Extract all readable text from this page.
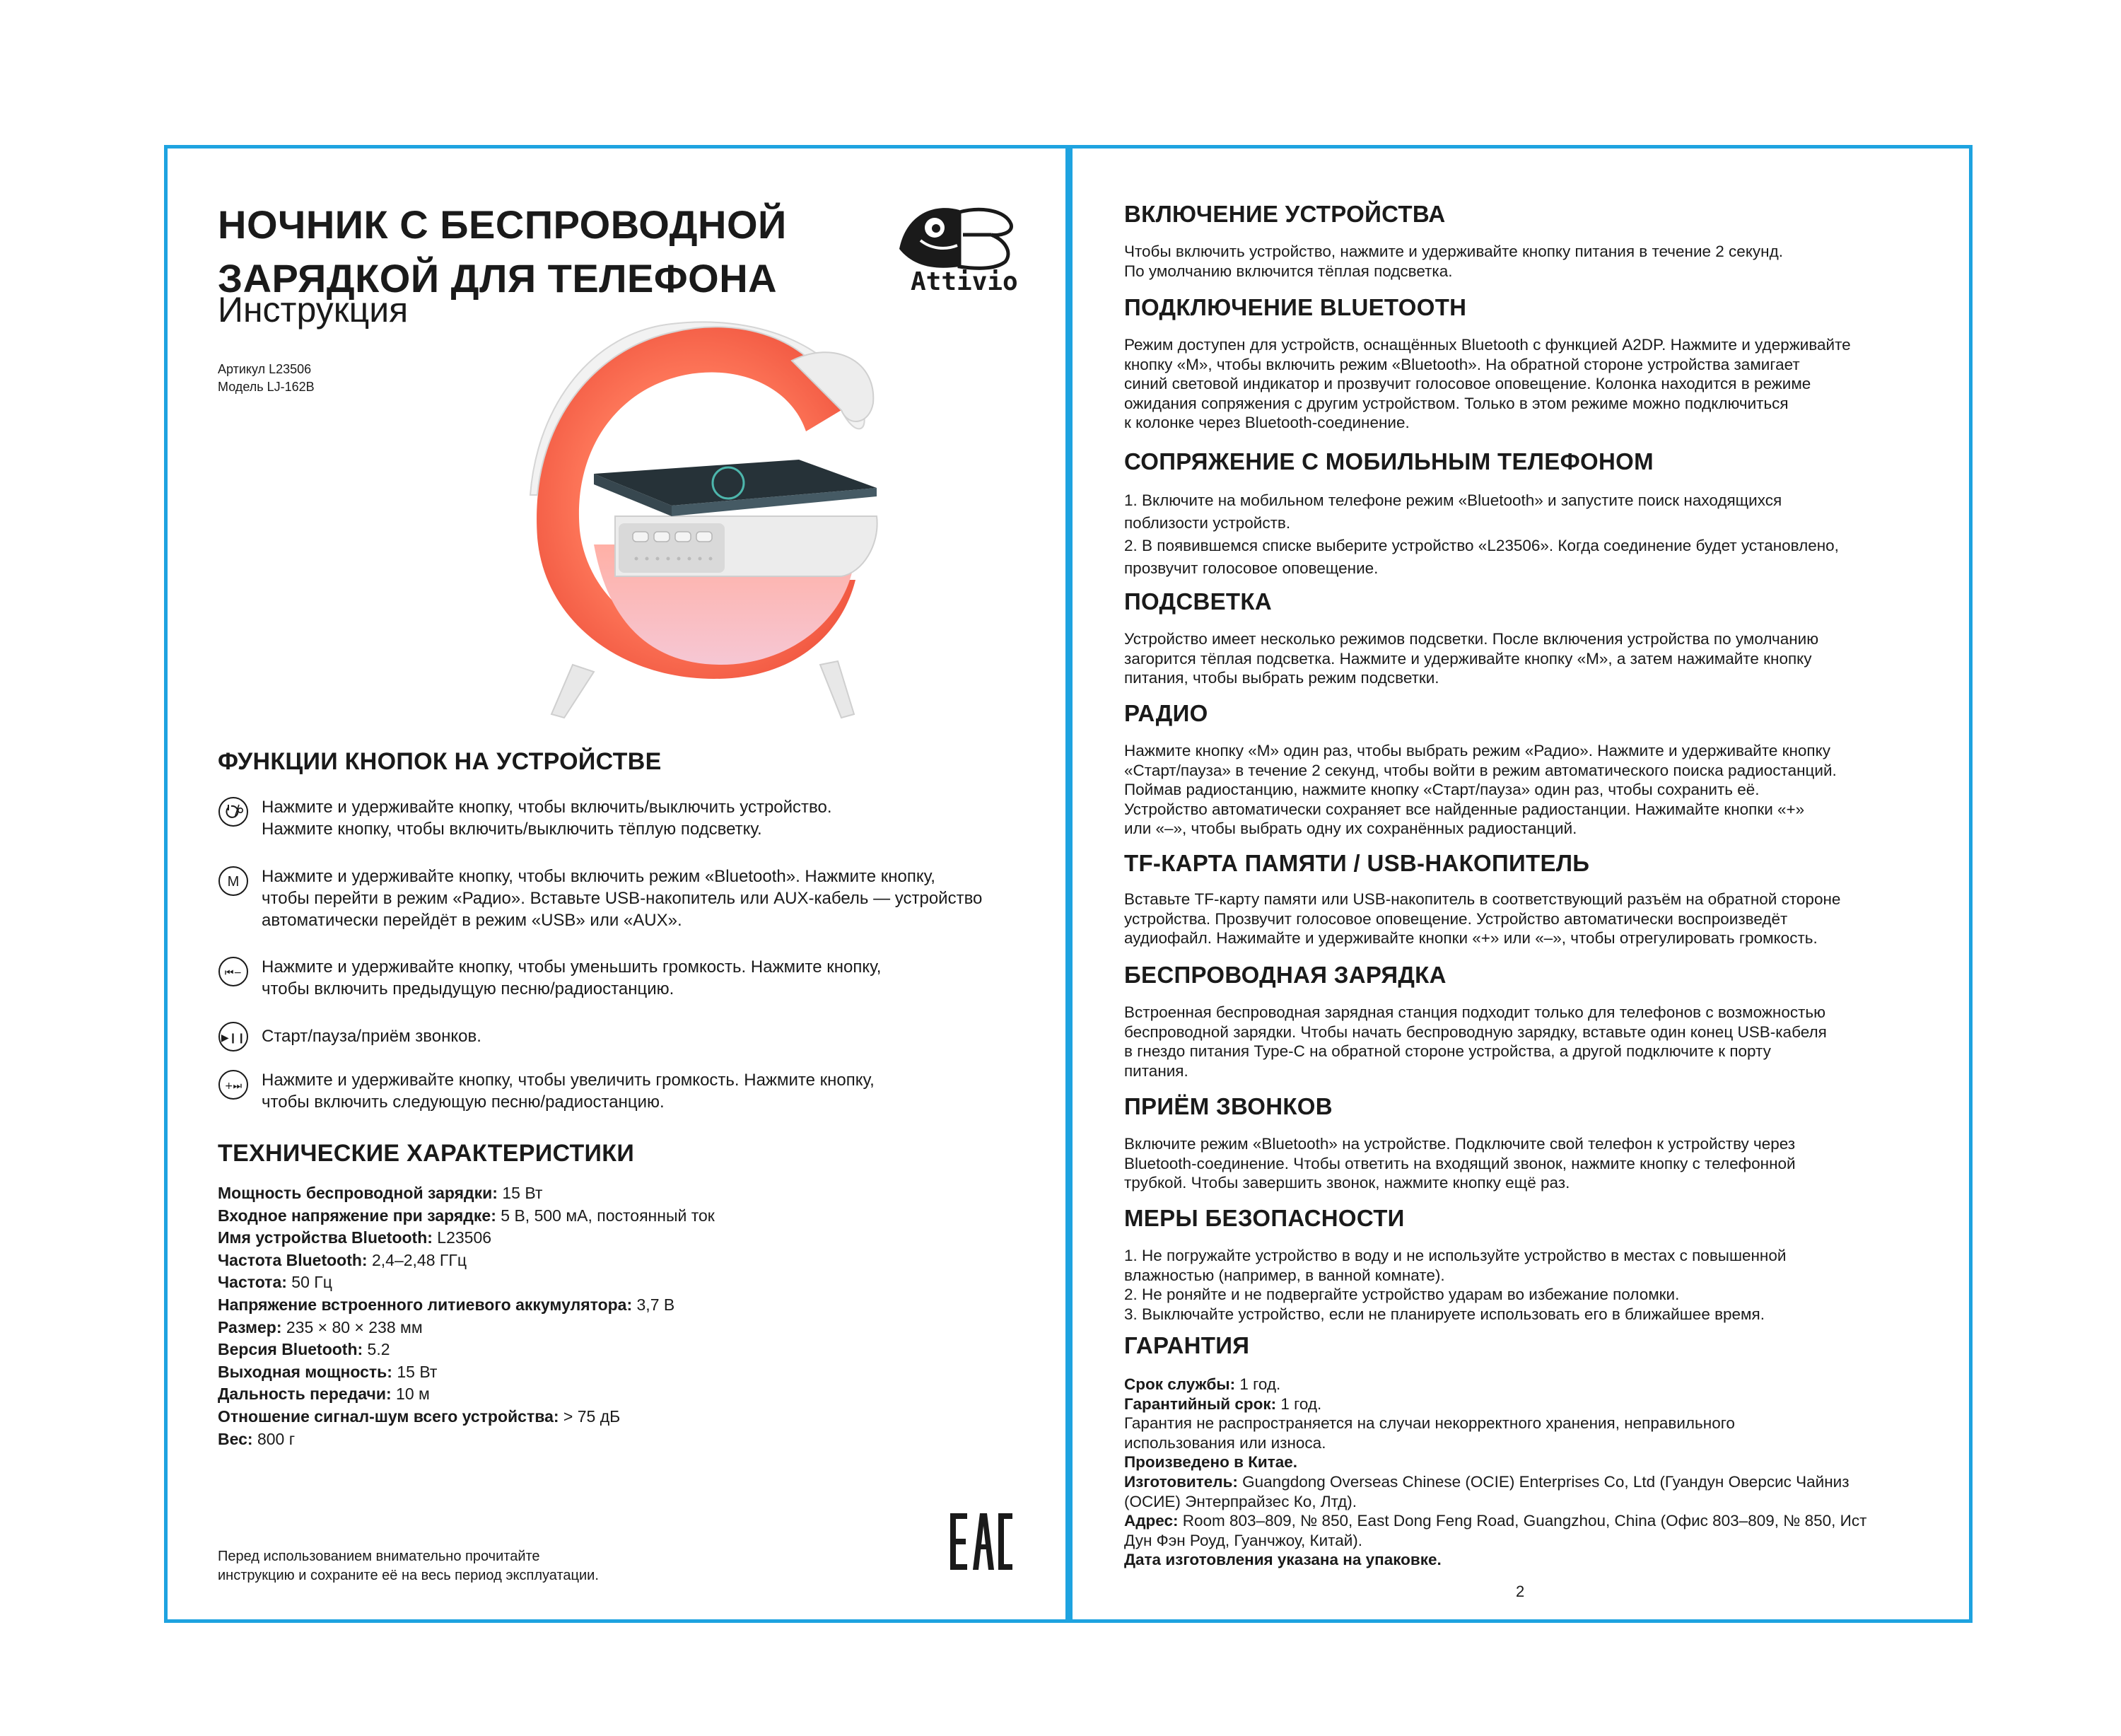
НОЧНИК С БЕСПРОВОДНОЙ
ЗАРЯДКОЙ ДЛЯ ТЕЛЕФОНА
Инструкция
Артикул L23506
Модель LJ-162B
Attivio
ФУНКЦИИ КНОПОК НА УСТРОЙСТВЕ
Нажмите и удерживайте кнопку, чтобы включить/выключить устройство.
Нажмите кнопку, чтобы включить/выключить тёплую подсветку.
M Нажмите и удерживайте кнопку, чтобы включить режим «Bluetooth». Нажмите кнопку,
чтобы перейти в режим «Радио». Вставьте USB-накопитель или AUX-кабель — устройство
автоматически перейдёт в режим «USB» или «AUX».
⏮− Нажмите и удерживайте кнопку, чтобы уменьшить громкость. Нажмите кнопку,
чтобы включить предыдущую песню/радиостанцию.
▶❙❙ Старт/пауза/приём звонков.
+⏭ Нажмите и удерживайте кнопку, чтобы увеличить громкость. Нажмите кнопку,
чтобы включить следующую песню/радиостанцию.
ТЕХНИЧЕСКИЕ ХАРАКТЕРИСТИКИ
Мощность беспроводной зарядки: 15 Вт
Входное напряжение при зарядке: 5 В, 500 мА, постоянный ток
Имя устройства Bluetooth: L23506
Частота Bluetooth: 2,4–2,48 ГГц
Частота: 50 Гц
Напряжение встроенного литиевого аккумулятора: 3,7 В
Размер: 235 × 80 × 238 мм
Версия Bluetooth: 5.2
Выходная мощность: 15 Вт
Дальность передачи: 10 м
Отношение сигнал-шум всего устройства: > 75 дБ
Вес: 800 г
Перед использованием внимательно прочитайте
инструкцию и сохраните её на весь период эксплуатации.
ВКЛЮЧЕНИЕ УСТРОЙСТВА
Чтобы включить устройство, нажмите и удерживайте кнопку питания в течение 2 секунд.
По умолчанию включится тёплая подсветка.
ПОДКЛЮЧЕНИЕ BLUETOOTH
Режим доступен для устройств, оснащённых Bluetooth с функцией A2DP. Нажмите и удерживайте
кнопку «М», чтобы включить режим «Bluetooth». На обратной стороне устройства замигает
синий световой индикатор и прозвучит голосовое оповещение. Колонка находится в режиме
ожидания сопряжения с другим устройством. Только в этом режиме можно подключиться
к колонке через Bluetooth-соединение.
СОПРЯЖЕНИЕ С МОБИЛЬНЫМ ТЕЛЕФОНОМ
1. Включите на мобильном телефоне режим «Bluetooth» и запустите поиск находящихся
поблизости устройств.
2. В появившемся списке выберите устройство «L23506». Когда соединение будет установлено,
прозвучит голосовое оповещение.
ПОДСВЕТКА
Устройство имеет несколько режимов подсветки. После включения устройства по умолчанию
загорится тёплая подсветка. Нажмите и удерживайте кнопку «М», а затем нажимайте кнопку
питания, чтобы выбрать режим подсветки.
РАДИО
Нажмите кнопку «М» один раз, чтобы выбрать режим «Радио». Нажмите и удерживайте кнопку
«Старт/пауза» в течение 2 секунд, чтобы войти в режим автоматического поиска радиостанций.
Поймав радиостанцию, нажмите кнопку «Старт/пауза» один раз, чтобы сохранить её.
Устройство автоматически сохраняет все найденные радиостанции. Нажимайте кнопки «+»
или «–», чтобы выбрать одну их сохранённых радиостанций.
TF-КАРТА ПАМЯТИ / USB-НАКОПИТЕЛЬ
Вставьте TF-карту памяти или USB-накопитель в соответствующий разъём на обратной стороне
устройства. Прозвучит голосовое оповещение. Устройство автоматически воспроизведёт
аудиофайл. Нажимайте и удерживайте кнопки «+» или «–», чтобы отрегулировать громкость.
БЕСПРОВОДНАЯ ЗАРЯДКА
Встроенная беспроводная зарядная станция подходит только для телефонов с возможностью
беспроводной зарядки. Чтобы начать беспроводную зарядку, вставьте один конец USB-кабеля
в гнездо питания Type-C на обратной стороне устройства, а другой подключите к порту
питания.
ПРИЁМ ЗВОНКОВ
Включите режим «Bluetooth» на устройстве. Подключите свой телефон к устройству через
Bluetooth-соединение. Чтобы ответить на входящий звонок, нажмите кнопку с телефонной
трубкой. Чтобы завершить звонок, нажмите кнопку ещё раз.
МЕРЫ БЕЗОПАСНОСТИ
1. Не погружайте устройство в воду и не используйте устройство в местах с повышенной
влажностью (например, в ванной комнате).
2. Не роняйте и не подвергайте устройство ударам во избежание поломки.
3. Выключайте устройство, если не планируете использовать его в ближайшее время.
ГАРАНТИЯ
Срок службы: 1 год.
Гарантийный срок: 1 год.
Гарантия не распространяется на случаи некорректного хранения, неправильного
использования или износа.
Произведено в Китае.
Изготовитель: Guangdong Overseas Chinese (OCIE) Enterprises Co, Ltd (Гуандун Оверсис Чайниз
(ОСИЕ) Энтерпрайзес Ко, Лтд).
Адрес: Room 803–809, № 850, East Dong Feng Road, Guangzhou, China (Офис 803–809, № 850, Ист
Дун Фэн Роуд, Гуанчжоу, Китай).
Дата изготовления указана на упаковке.
2
